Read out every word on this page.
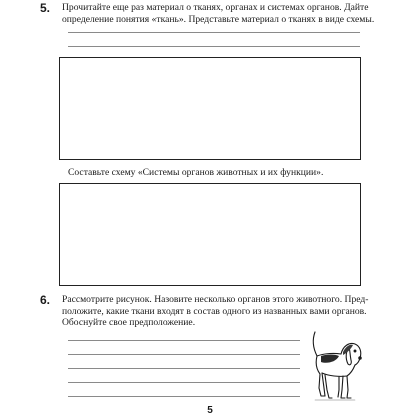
5. Прочитайте еще раз материал о тканях, органах и системах органов. Дайте
определение понятия «ткань». Представьте материал о тканях в виде схемы.
Составьте схему «Системы органов животных и их функции».
6. Рассмотрите рисунок. Назовите несколько органов этого животного. Пред-
положите, какие ткани входят в состав одного из названных вами органов.
Обоснуйте свое предположение.
5
